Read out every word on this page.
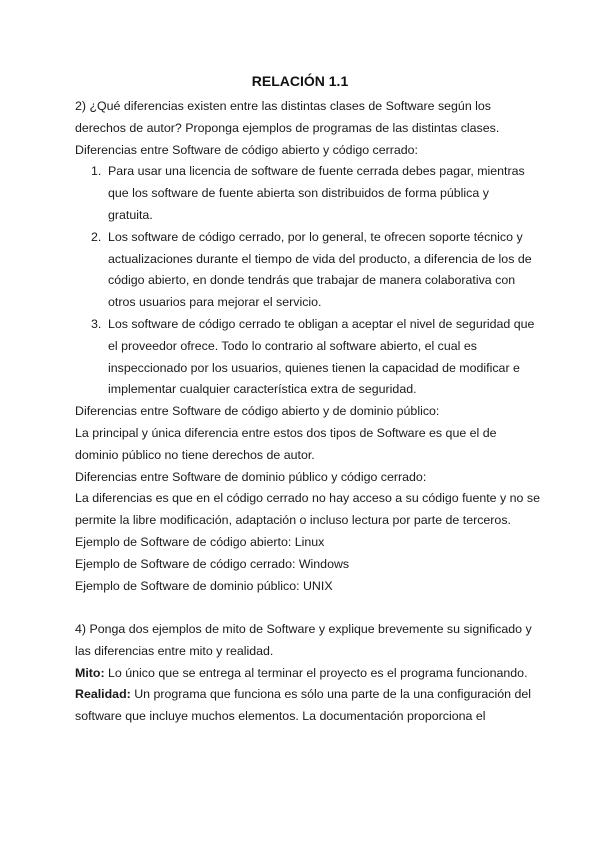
RELACIÓN 1.1
2) ¿Qué diferencias existen entre las distintas clases de Software según los
derechos de autor? Proponga ejemplos de programas de las distintas clases.
Diferencias entre Software de código abierto y código cerrado:
1. Para usar una licencia de software de fuente cerrada debes pagar, mientras
que los software de fuente abierta son distribuidos de forma pública y
gratuita.
2. Los software de código cerrado, por lo general, te ofrecen soporte técnico y
actualizaciones durante el tiempo de vida del producto, a diferencia de los de
código abierto, en donde tendrás que trabajar de manera colaborativa con
otros usuarios para mejorar el servicio.
3. Los software de código cerrado te obligan a aceptar el nivel de seguridad que
el proveedor ofrece. Todo lo contrario al software abierto, el cual es
inspeccionado por los usuarios, quienes tienen la capacidad de modificar e
implementar cualquier característica extra de seguridad.
Diferencias entre Software de código abierto y de dominio público:
La principal y única diferencia entre estos dos tipos de Software es que el de
dominio público no tiene derechos de autor.
Diferencias entre Software de dominio público y código cerrado:
La diferencias es que en el código cerrado no hay acceso a su código fuente y no se
permite la libre modificación, adaptación o incluso lectura por parte de terceros.
Ejemplo de Software de código abierto: Linux
Ejemplo de Software de código cerrado: Windows
Ejemplo de Software de dominio público: UNIX
4) Ponga dos ejemplos de mito de Software y explique brevemente su significado y
las diferencias entre mito y realidad.
Mito: Lo único que se entrega al terminar el proyecto es el programa funcionando.
Realidad: Un programa que funciona es sólo una parte de la una configuración del
software que incluye muchos elementos. La documentación proporciona el
